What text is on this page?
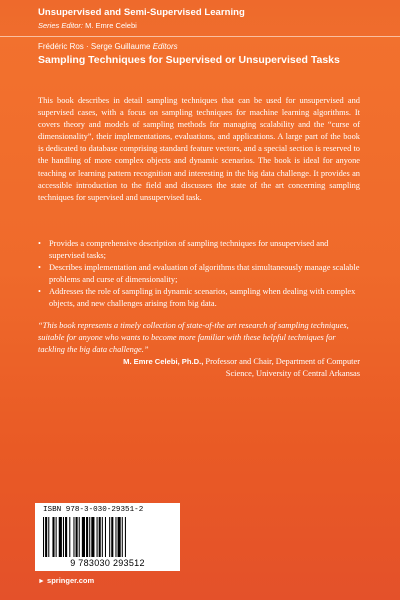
Unsupervised and Semi-Supervised Learning
Series Editor: M. Emre Celebi
Frédéric Ros · Serge Guillaume Editors
Sampling Techniques for Supervised or Unsupervised Tasks

This book describes in detail sampling techniques that can be used for unsupervised and supervised cases, with a focus on sampling techniques for machine learning algorithms. It covers theory and models of sampling methods for managing scalability and the “curse of dimensionality”, their implementations, evaluations, and applications. A large part of the book is dedicated to database comprising standard feature vectors, and a special section is reserved to the handling of more complex objects and dynamic scenarios. The book is ideal for anyone teaching or learning pattern recognition and interesting in the big data challenge. It provides an accessible introduction to the field and discusses the state of the art concerning sampling techniques for supervised and unsupervised task.

• Provides a comprehensive description of sampling techniques for unsupervised and supervised tasks;
• Describes implementation and evaluation of algorithms that simultaneously manage scalable problems and curse of dimensionality;
• Addresses the role of sampling in dynamic scenarios, sampling when dealing with complex objects, and new challenges arising from big data.

“This book represents a timely collection of state-of-the art research of sampling techniques, suitable for anyone who wants to become more familiar with these helpful techniques for tackling the big data challenge.”

M. Emre Celebi, Ph.D., Professor and Chair, Department of Computer Science, University of Central Arkansas

ISBN 978-3-030-29351-2
9 783030 293512
► springer.com
